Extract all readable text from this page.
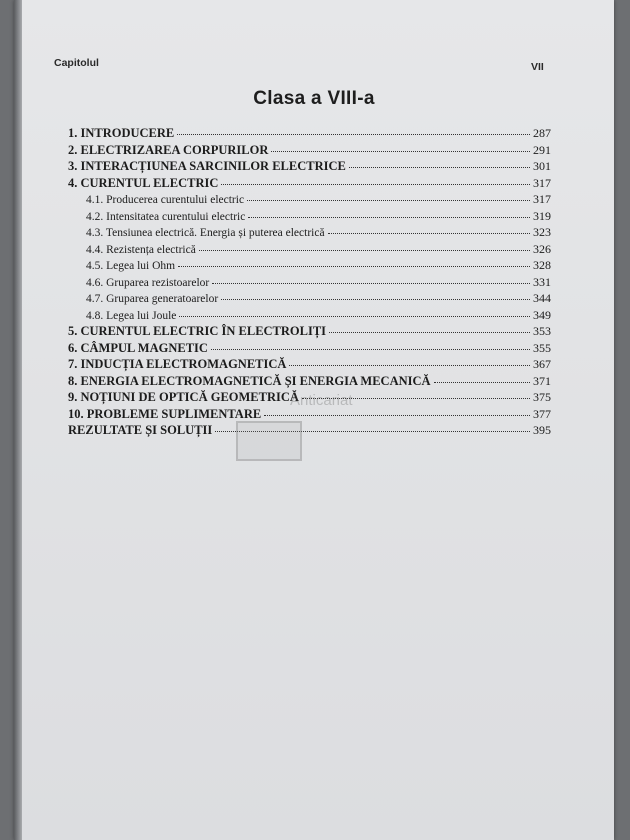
Capitolul	VII
Clasa a VIII-a
1. INTRODUCERE	287
2. ELECTRIZAREA CORPURILOR	291
3. INTERACȚIUNEA SARCINILOR ELECTRICE	301
4. CURENTUL ELECTRIC	317
4.1. Producerea curentului electric	317
4.2. Intensitatea curentului electric	319
4.3. Tensiunea electrică. Energia și puterea electrică	323
4.4. Rezistența electrică	326
4.5. Legea lui Ohm	328
4.6. Gruparea rezistoarelor	331
4.7. Gruparea generatoarelor	344
4.8. Legea lui Joule	349
5. CURENTUL ELECTRIC ÎN ELECTROLIȚI	353
6. CÂMPUL MAGNETIC	355
7. INDUCȚIA ELECTROMAGNETICĂ	367
8. ENERGIA ELECTROMAGNETICĂ ȘI ENERGIA MECANICĂ	371
9. NOȚIUNI DE OPTICĂ GEOMETRICĂ	375
10. PROBLEME SUPLIMENTARE	377
REZULTATE ȘI SOLUȚII	395
Anticariat
